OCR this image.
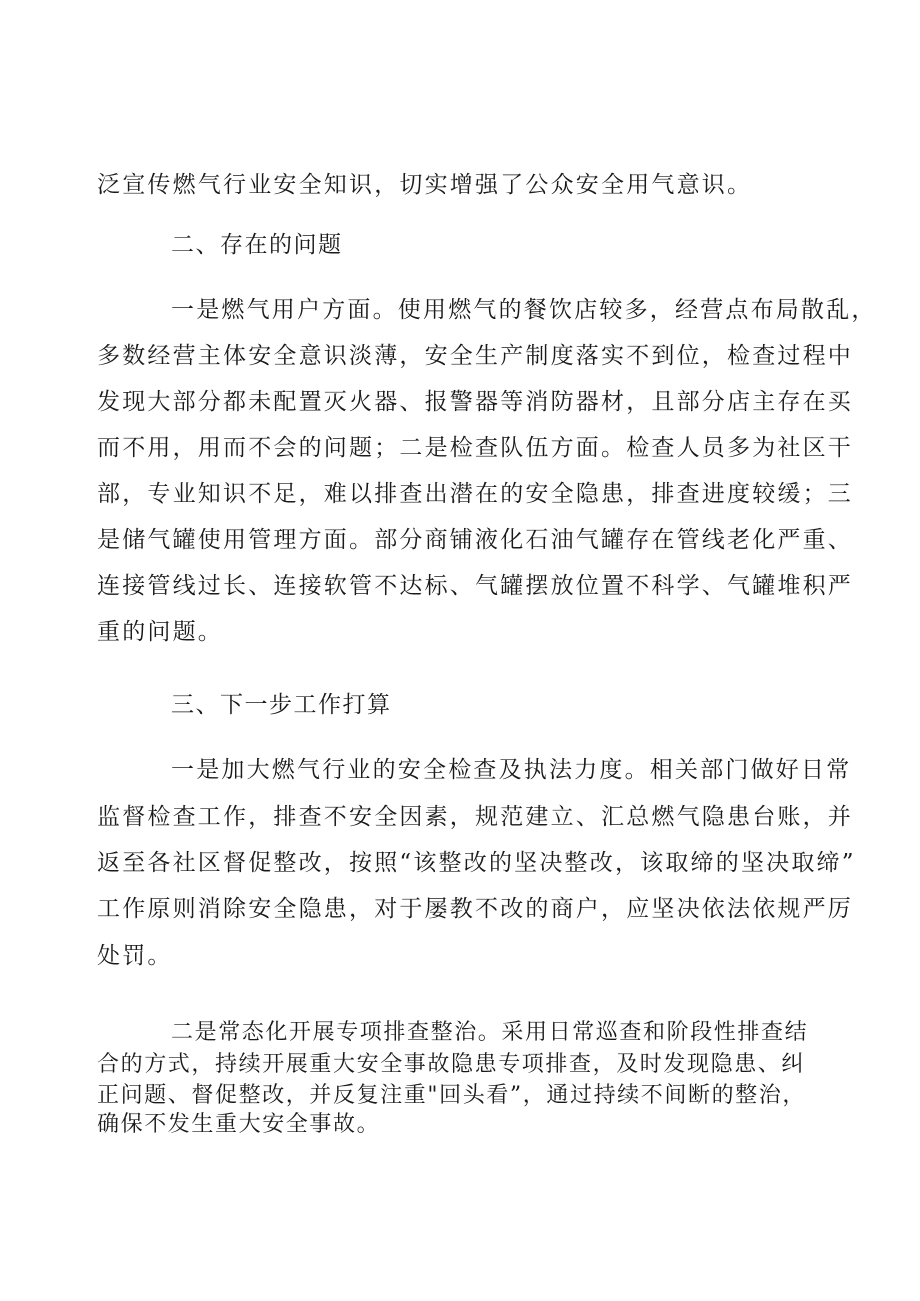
泛宣传燃气行业安全知识，切实增强了公众安全用气意识。
二、存在的问题
一是燃气用户方面。使用燃气的餐饮店较多，经营点布局散乱，
多数经营主体安全意识淡薄，安全生产制度落实不到位，检查过程中
发现大部分都未配置灭火器、报警器等消防器材，且部分店主存在买
而不用，用而不会的问题；二是检查队伍方面。检查人员多为社区干
部，专业知识不足，难以排查出潜在的安全隐患，排查进度较缓；三
是储气罐使用管理方面。部分商铺液化石油气罐存在管线老化严重、
连接管线过长、连接软管不达标、气罐摆放位置不科学、气罐堆积严
重的问题。
三、下一步工作打算
一是加大燃气行业的安全检查及执法力度。相关部门做好日常
监督检查工作，排查不安全因素，规范建立、汇总燃气隐患台账，并
返至各社区督促整改，按照“该整改的坚决整改，该取缔的坚决取缔”
工作原则消除安全隐患，对于屡教不改的商户，应坚决依法依规严厉
处罚。
二是常态化开展专项排查整治。采用日常巡查和阶段性排查结
合的方式，持续开展重大安全事故隐患专项排查，及时发现隐患、纠
正问题、督促整改，并反复注重"回头看”，通过持续不间断的整治，
确保不发生重大安全事故。
